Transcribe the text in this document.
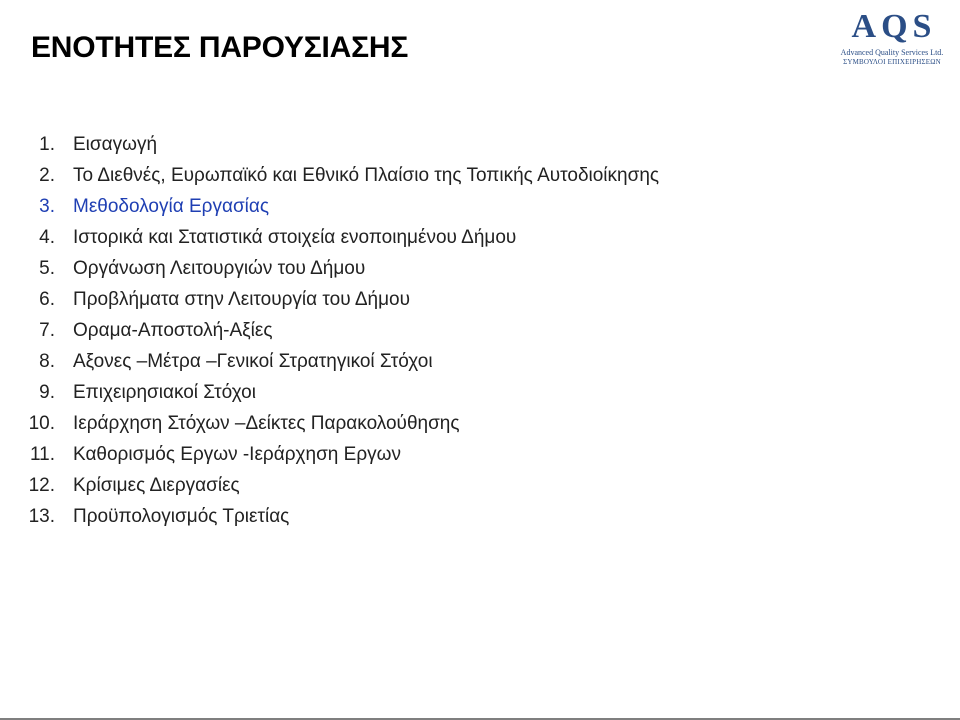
ΕΝΟΤΗΤΕΣ ΠΑΡΟΥΣΙΑΣΗΣ
AQS
Advanced Quality Services Ltd.
ΣΥΜΒΟΥΛΟΙ ΕΠΙΧΕΙΡΗΣΕΩΝ
1. Εισαγωγή
2. Το Διεθνές, Ευρωπαϊκό και Εθνικό Πλαίσιο της Τοπικής Αυτοδιοίκησης
3. Μεθοδολογία Εργασίας
4. Ιστορικά και Στατιστικά στοιχεία ενοποιημένου Δήμου
5. Οργάνωση Λειτουργιών του Δήμου
6. Προβλήματα στην Λειτουργία του Δήμου
7. Οραμα-Αποστολή-Αξίες
8. Αξονες –Μέτρα –Γενικοί Στρατηγικοί Στόχοι
9. Επιχειρησιακοί Στόχοι
10. Ιεράρχηση Στόχων –Δείκτες Παρακολούθησης
11. Καθορισμός Εργων -Ιεράρχηση Εργων
12. Κρίσιμες Διεργασίες
13. Προϋπολογισμός Τριετίας
